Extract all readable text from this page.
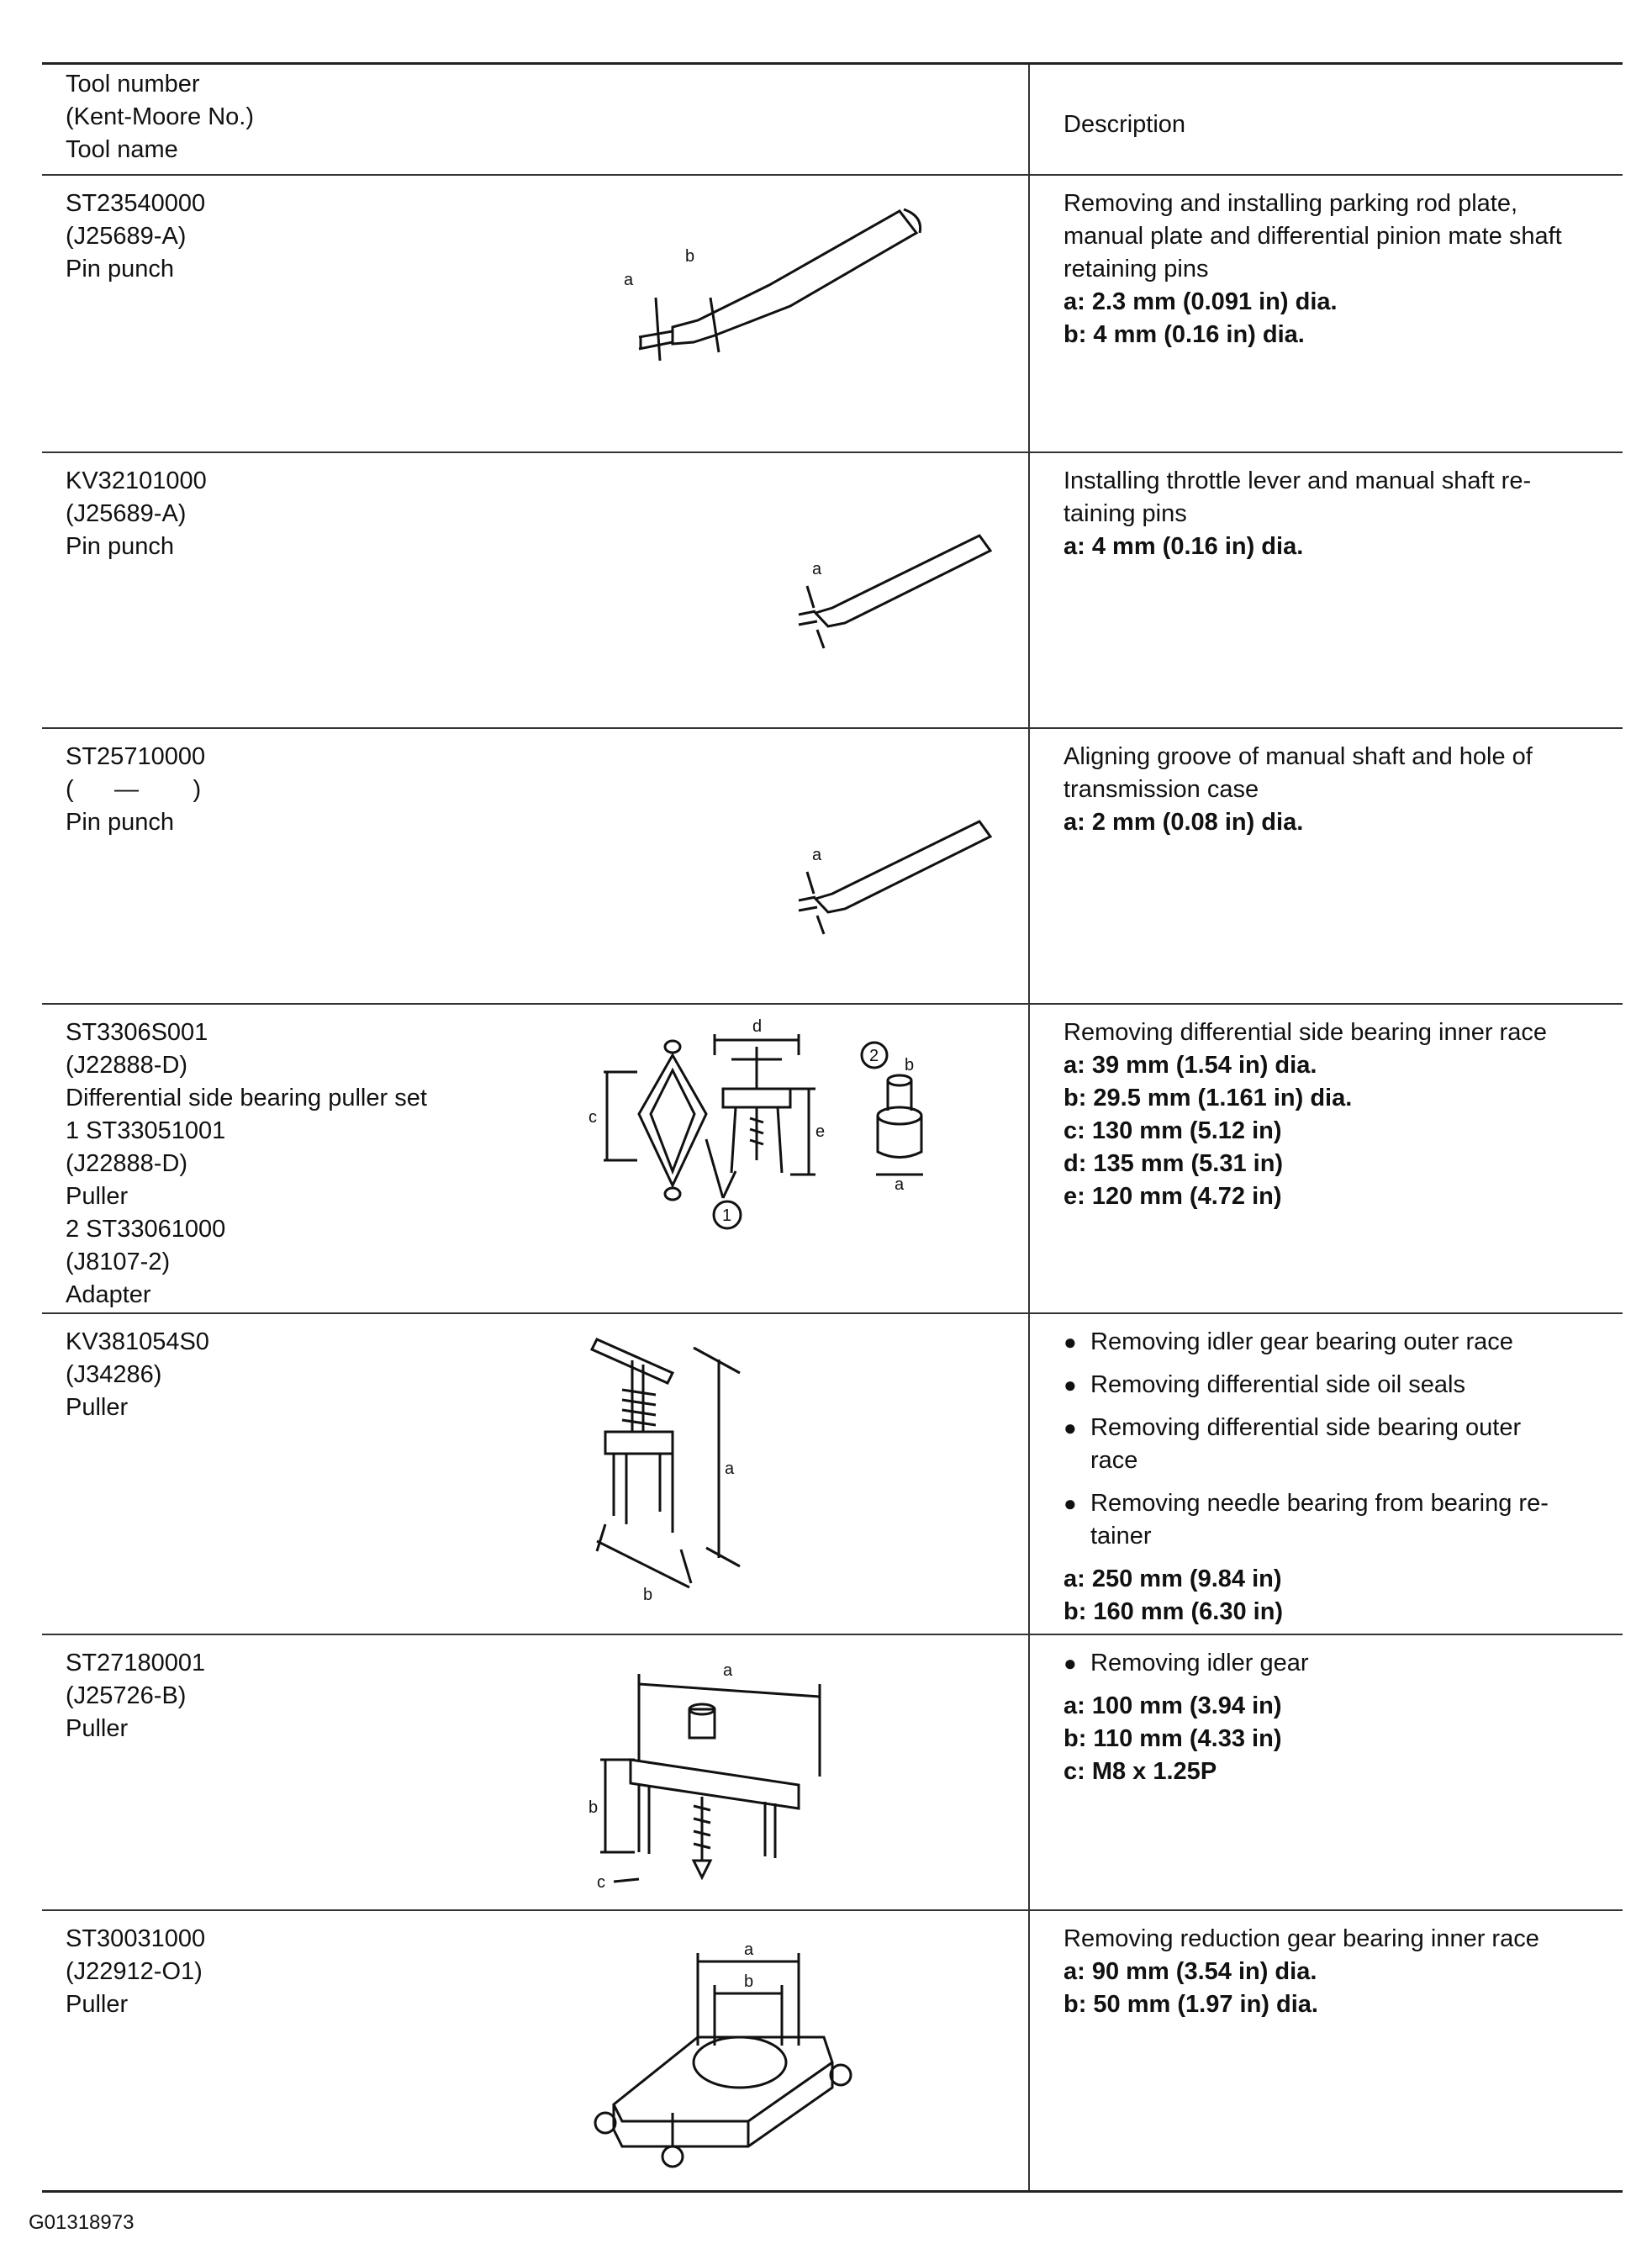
Tool number
(Kent-Moore No.)
Tool name
Description
ST23540000
(J25689-A)
Pin punch	a
b
Removing and installing parking rod plate,
manual plate and differential pinion mate shaft
retaining pins
a: 2.3 mm (0.091 in) dia.
b: 4 mm (0.16 in) dia.
KV32101000
(J25689-A)
Pin punch
a
Installing throttle lever and manual shaft re-
taining pins
a: 4 mm (0.16 in) dia.
ST25710000
(      —        )
Pin punch
a
Aligning groove of manual shaft and hole of
transmission case
a: 2 mm (0.08 in) dia.
ST3306S001
(J22888-D)
Differential side bearing puller set
1 ST33051001
(J22888-D)
Puller
2 ST33061000
(J8107-2)
Adapter
d
c
e
b
a
2
1
Removing differential side bearing inner race
a: 39 mm (1.54 in) dia.
b: 29.5 mm (1.161 in) dia.
c: 130 mm (5.12 in)
d: 135 mm (5.31 in)
e: 120 mm (4.72 in)
KV381054S0
(J34286)
Puller
a
b
● Removing idler gear bearing outer race
● Removing differential side oil seals
● Removing differential side bearing outer
race
● Removing needle bearing from bearing re-
tainer
a: 250 mm (9.84 in)
b: 160 mm (6.30 in)
ST27180001
(J25726-B)
Puller
a
b
c
● Removing idler gear
a: 100 mm (3.94 in)
b: 110 mm (4.33 in)
c: M8 x 1.25P
ST30031000
(J22912-O1)
Puller
a
b
Removing reduction gear bearing inner race
a: 90 mm (3.54 in) dia.
b: 50 mm (1.97 in) dia.
G01318973
